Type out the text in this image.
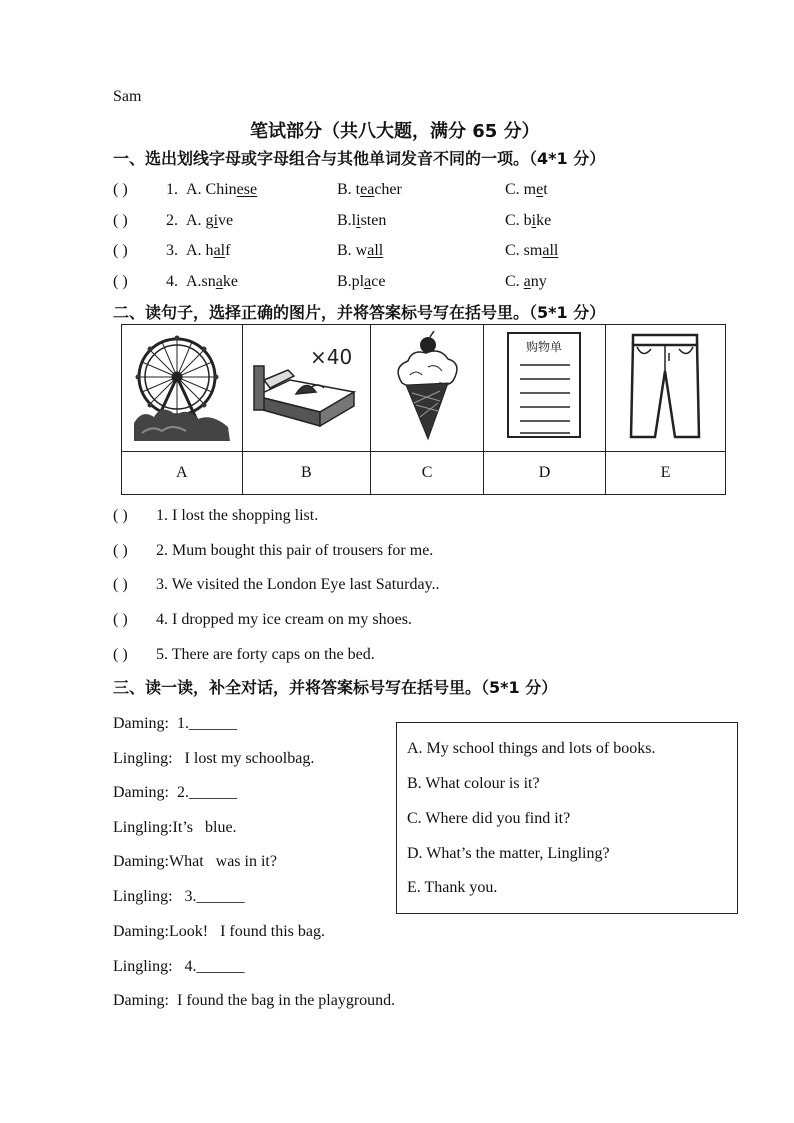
Sam
笔试部分（共八大题，满分 65 分）
一、选出划线字母或字母组合与其他单词发音不同的一项。（4*1 分）
( ) 1. A. Chinese	B. teacher	C. met
( ) 2. A. give	B.listen	C. bike
( ) 3. A. half	B. wall	C. small
( ) 4. A.snake	B.place	C. any
二、读句子，选择正确的图片，并将答案标号写在括号里。（5*1 分）

×40		购物单

A	B	C	D	E
( ) 1. I lost the shopping list.
( ) 2. Mum bought this pair of trousers for me.
( ) 3. We visited the London Eye last Saturday..
( ) 4. I dropped my ice cream on my shoes.
( ) 5. There are forty caps on the bed.
三、读一读，补全对话，并将答案标号写在括号里。（5*1 分）
Daming:  1.______
Lingling:   I lost my schoolbag.
Daming:  2.______
Lingling:It’s   blue.
Daming:What   was in it?
Lingling:   3.______
Daming:Look!   I found this bag.
Lingling:   4.______
Daming:  I found the bag in the playground.
A. My school things and lots of books.
B. What colour is it?
C. Where did you find it?
D. What’s the matter, Lingling?
E. Thank you.
